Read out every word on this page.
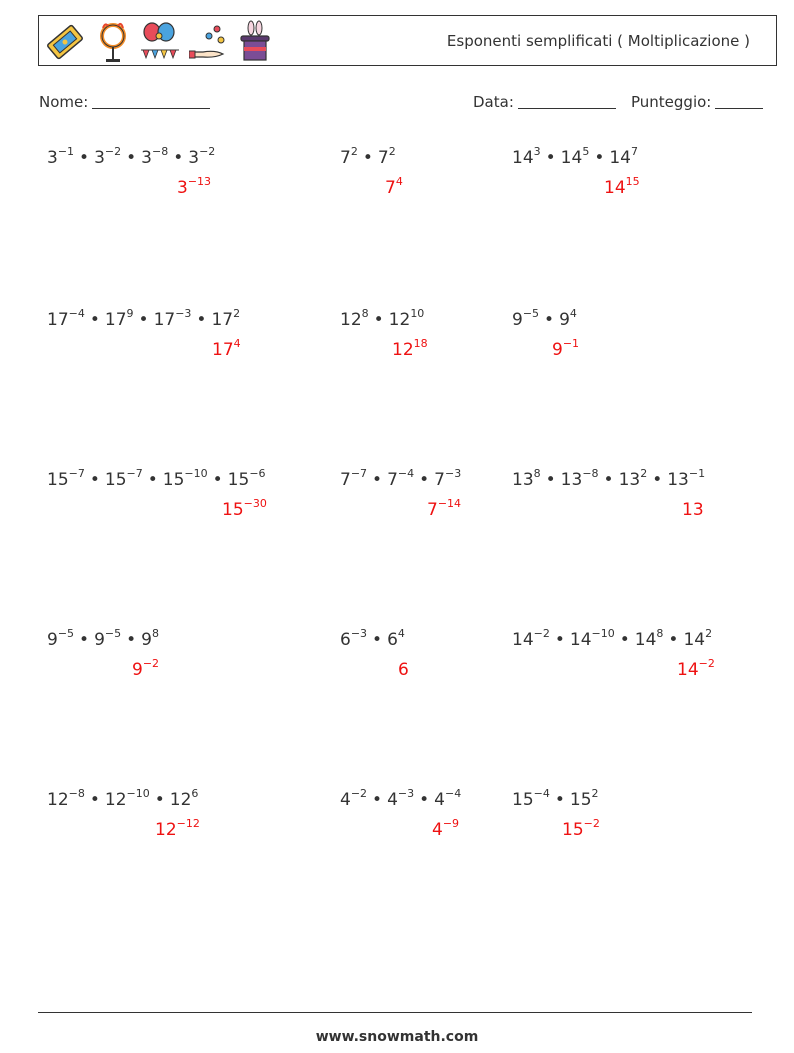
Esponenti semplificati ( Moltiplicazione )
Nome:	Data:	Punteggio:
$3^{-1}$ • $3^{-2}$ • $3^{-8}$ • $3^{-2}$
$3^{-13}$
$7^2$ • $7^2$
$7^4$
$14^3$ • $14^5$ • $14^7$
$14^{15}$
$17^{-4}$ • $17^9$ • $17^{-3}$ • $17^2$
$17^4$
$12^8$ • $12^{10}$
$12^{18}$
$9^{-5}$ • $9^4$
$9^{-1}$
$15^{-7}$ • $15^{-7}$ • $15^{-10}$ • $15^{-6}$
$15^{-30}$
$7^{-7}$ • $7^{-4}$ • $7^{-3}$
$7^{-14}$
$13^8$ • $13^{-8}$ • $13^2$ • $13^{-1}$
13
$9^{-5}$ • $9^{-5}$ • $9^8$
$9^{-2}$
$6^{-3}$ • $6^4$
6
$14^{-2}$ • $14^{-10}$ • $14^8$ • $14^2$
$14^{-2}$
$12^{-8}$ • $12^{-10}$ • $12^6$
$12^{-12}$
$4^{-2}$ • $4^{-3}$ • $4^{-4}$
$4^{-9}$
$15^{-4}$ • $15^2$
$15^{-2}$
www.snowmath.com
